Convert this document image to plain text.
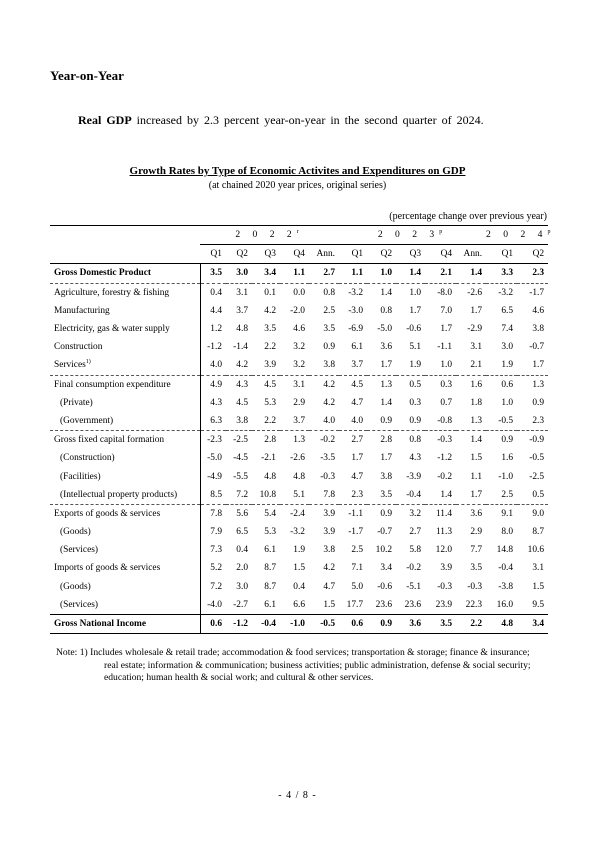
Year-on-Year
Real GDP increased by 2.3 percent year-on-year in the second quarter of 2024.
Growth Rates by Type of Economic Activites and Expenditures on GDP
(at chained 2020 year prices, original series)
(percentage change over previous year)
	2 0 2 2$^r$					2 0 2 3$^p$					2 0 2 4$^p$
	Q1	Q2	Q3	Q4	Ann.	Q1	Q2	Q3	Q4	Ann.	Q1	Q2
Gross Domestic Product	3.5	3.0	3.4	1.1	2.7	1.1	1.0	1.4	2.1	1.4	3.3	2.3
Agriculture, forestry & fishing	0.4	3.1	0.1	0.0	0.8	-3.2	1.4	1.0	-8.0	-2.6	-3.2	-1.7
Manufacturing	4.4	3.7	4.2	-2.0	2.5	-3.0	0.8	1.7	7.0	1.7	6.5	4.6
Electricity, gas & water supply	1.2	4.8	3.5	4.6	3.5	-6.9	-5.0	-0.6	1.7	-2.9	7.4	3.8
Construction	-1.2	-1.4	2.2	3.2	0.9	6.1	3.6	5.1	-1.1	3.1	3.0	-0.7
Services$^{1)}$	4.0	4.2	3.9	3.2	3.8	3.7	1.7	1.9	1.0	2.1	1.9	1.7
Final consumption expenditure	4.9	4.3	4.5	3.1	4.2	4.5	1.3	0.5	0.3	1.6	0.6	1.3
(Private)	4.3	4.5	5.3	2.9	4.2	4.7	1.4	0.3	0.7	1.8	1.0	0.9
(Government)	6.3	3.8	2.2	3.7	4.0	4.0	0.9	0.9	-0.8	1.3	-0.5	2.3
Gross fixed capital formation	-2.3	-2.5	2.8	1.3	-0.2	2.7	2.8	0.8	-0.3	1.4	0.9	-0.9
(Construction)	-5.0	-4.5	-2.1	-2.6	-3.5	1.7	1.7	4.3	-1.2	1.5	1.6	-0.5
(Facilities)	-4.9	-5.5	4.8	4.8	-0.3	4.7	3.8	-3.9	-0.2	1.1	-1.0	-2.5
(Intellectual property products)	8.5	7.2	10.8	5.1	7.8	2.3	3.5	-0.4	1.4	1.7	2.5	0.5
Exports of goods & services	7.8	5.6	5.4	-2.4	3.9	-1.1	0.9	3.2	11.4	3.6	9.1	9.0
(Goods)	7.9	6.5	5.3	-3.2	3.9	-1.7	-0.7	2.7	11.3	2.9	8.0	8.7
(Services)	7.3	0.4	6.1	1.9	3.8	2.5	10.2	5.8	12.0	7.7	14.8	10.6
Imports of goods & services	5.2	2.0	8.7	1.5	4.2	7.1	3.4	-0.2	3.9	3.5	-0.4	3.1
(Goods)	7.2	3.0	8.7	0.4	4.7	5.0	-0.6	-5.1	-0.3	-0.3	-3.8	1.5
(Services)	-4.0	-2.7	6.1	6.6	1.5	17.7	23.6	23.6	23.9	22.3	16.0	9.5
Gross National Income	0.6	-1.2	-0.4	-1.0	-0.5	0.6	0.9	3.6	3.5	2.2	4.8	3.4
Note: 1) Includes wholesale & retail trade; accommodation & food services; transportation & storage; finance & insurance; real estate; information & communication; business activities; public administration, defense & social security; education; human health & social work; and cultural & other services.
- 4 / 8 -
